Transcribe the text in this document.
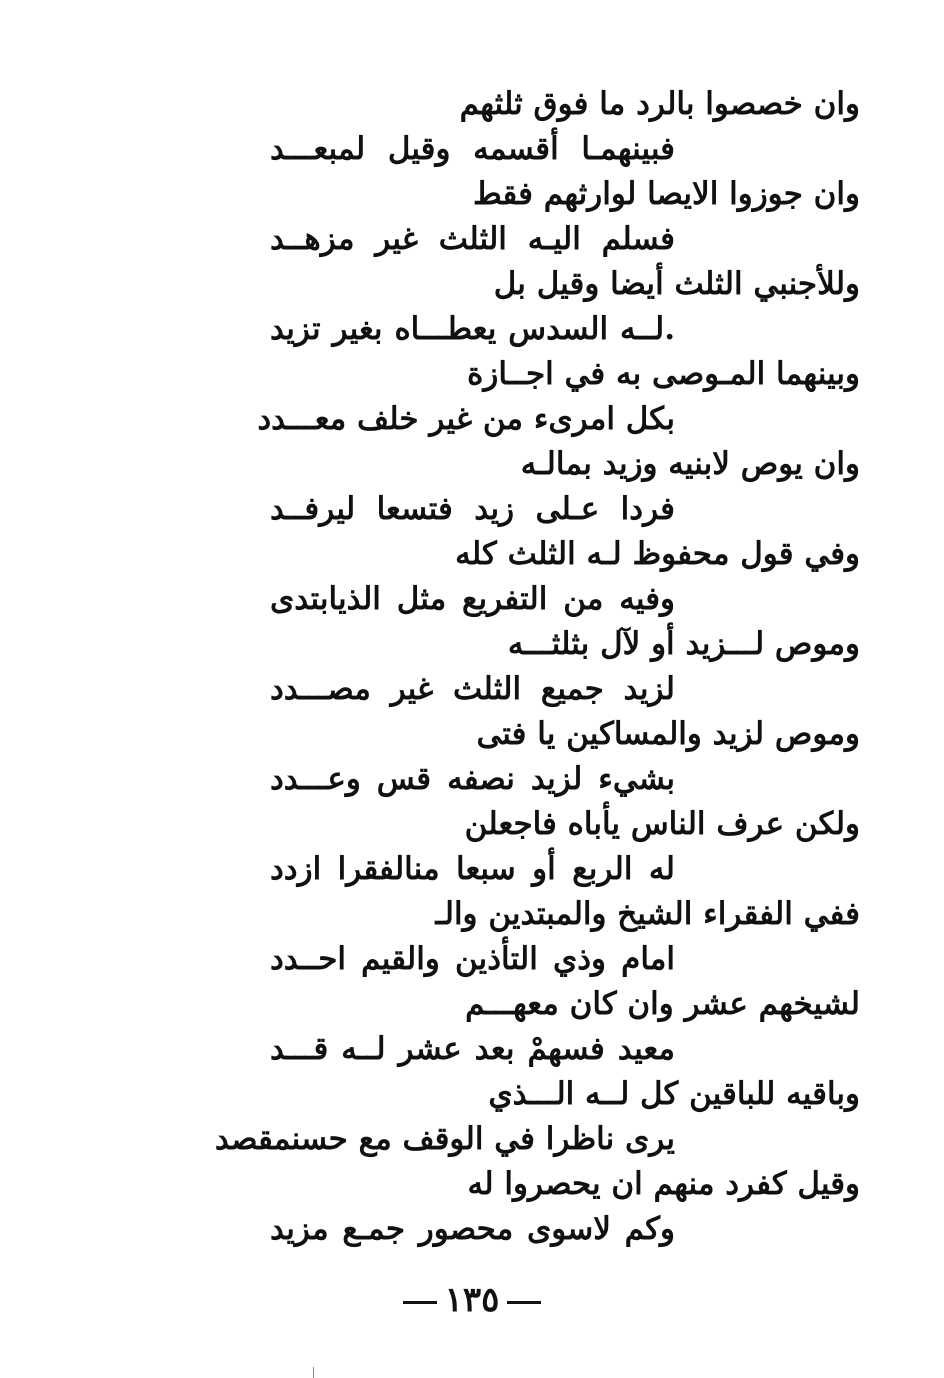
وان خصصوا بالرد ما فوق ثلثهم
فبينهمـا أقسمه وقيل لمبعـــد
وان جوزوا الايصا لوارثهم فقط
فسلم اليـه الثلث غير مزهــد
وللأجنبي الثلث أيضا وقيل بل
.لــه السدس يعطـــاه بغير تزيد
وبينهما المـوصى به في اجــازة
بكل امرىء من غير خلف معـــدد
وان يوص لابنيه وزيد بمالـه
فردا عـلى زيد فتسعا ليرفــد
وفي قول محفوظ لـه الثلث كله
وفيه من التفريع مثل الذيابتدى
وموص لـــزيد أو لآل بثلثـــه
لزيد جميع الثلث غير مصـــدد
وموص لزيد والمساكين يا فتى
بشيء لزيد نصفه قس وعـــدد
ولكن عرف الناس يأباه فاجعلن
له الربع أو سبعا منالفقرا ازدد
ففي الفقراء الشيخ والمبتدين والـ
امام وذي التأذين والقيم احــدد
لشيخهم عشر وان كان معهـــم
معيد فسهمْ بعد عشر لــه قـــد
وباقيه للباقين كل لــه الـــذي
يرى ناظرا في الوقف مع حسنمقصد
وقيل كفرد منهم ان يحصروا له
وكم لاسوى محصور جمـع مزيد
١٣٥
